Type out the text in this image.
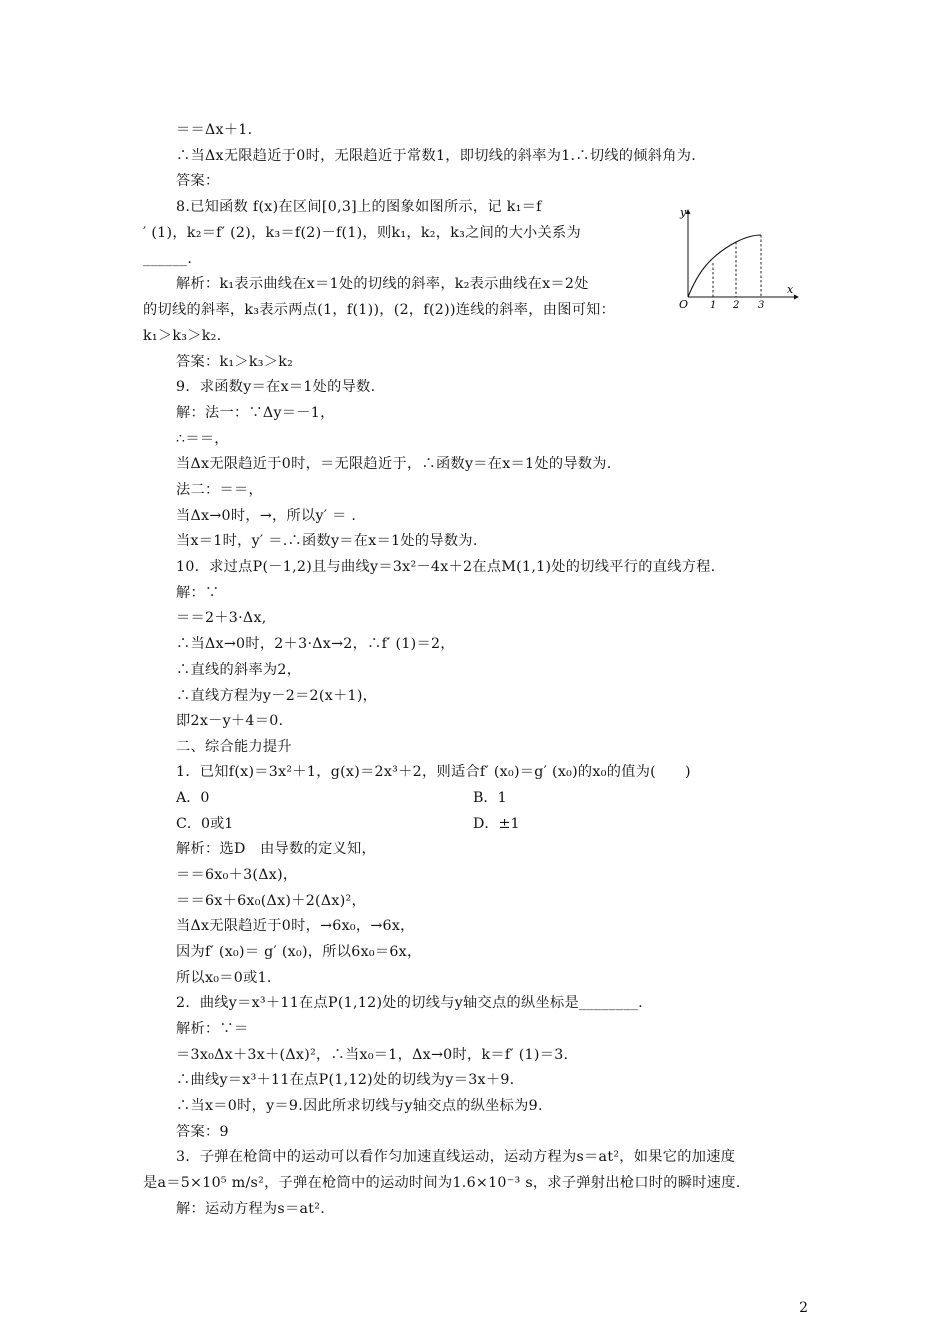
＝＝Δx＋1.
∴当Δx无限趋近于0时，无限趋近于常数1，即切线的斜率为1.∴切线的倾斜角为.
答案：
8.已知函数 f(x)在区间[0,3]上的图象如图所示，记 k₁＝f
′ (1)，k₂＝f′ (2)，k₃＝f(2)－f(1)，则k₁，k₂，k₃之间的大小关系为
______.
解析：k₁表示曲线在x＝1处的切线的斜率，k₂表示曲线在x＝2处
的切线的斜率，k₃表示两点(1，f(1))，(2，f(2))连线的斜率，由图可知：
k₁＞k₃＞k₂.
y
x
O 1 2 3
答案：k₁＞k₃＞k₂
9．求函数y＝在x＝1处的导数.
解：法一：∵Δy＝－1，
∴＝＝，
当Δx无限趋近于0时，＝无限趋近于，∴函数y＝在x＝1处的导数为.
法二：＝＝，
当Δx→0时，→，所以y′ ＝ .
当x＝1时，y′ ＝.∴函数y＝在x＝1处的导数为.
10．求过点P(－1,2)且与曲线y＝3x²－4x＋2在点M(1,1)处的切线平行的直线方程.
解：∵
＝＝2＋3·Δx,
∴当Δx→0时，2＋3·Δx→2，∴f′ (1)＝2，
∴直线的斜率为2，
∴直线方程为y－2＝2(x＋1)，
即2x－y＋4＝0.
二、综合能力提升
1．已知f(x)＝3x²＋1，g(x)＝2x³＋2，则适合f′ (x₀)＝g′ (x₀)的x₀的值为(　　)
A．0	B．1
C．0或1	D．±1
解析：选D　由导数的定义知，
＝＝6x₀＋3(Δx)，
＝＝6x＋6x₀(Δx)＋2(Δx)²，
当Δx无限趋近于0时，→6x₀，→6x，
因为f′ (x₀)＝ g′ (x₀)，所以6x₀＝6x，
所以x₀＝0或1.
2．曲线y＝x³＋11在点P(1,12)处的切线与y轴交点的纵坐标是________.
解析：∵＝
＝3x₀Δx＋3x＋(Δx)²，∴当x₀＝1，Δx→0时，k＝f′ (1)＝3.
∴曲线y＝x³＋11在点P(1,12)处的切线为y＝3x＋9.
∴当x＝0时，y＝9.因此所求切线与y轴交点的纵坐标为9.
答案：9
3．子弹在枪筒中的运动可以看作匀加速直线运动，运动方程为s＝at²，如果它的加速度
是a＝5×10⁵ m/s²，子弹在枪筒中的运动时间为1.6×10⁻³ s，求子弹射出枪口时的瞬时速度.
解：运动方程为s＝at².
2
